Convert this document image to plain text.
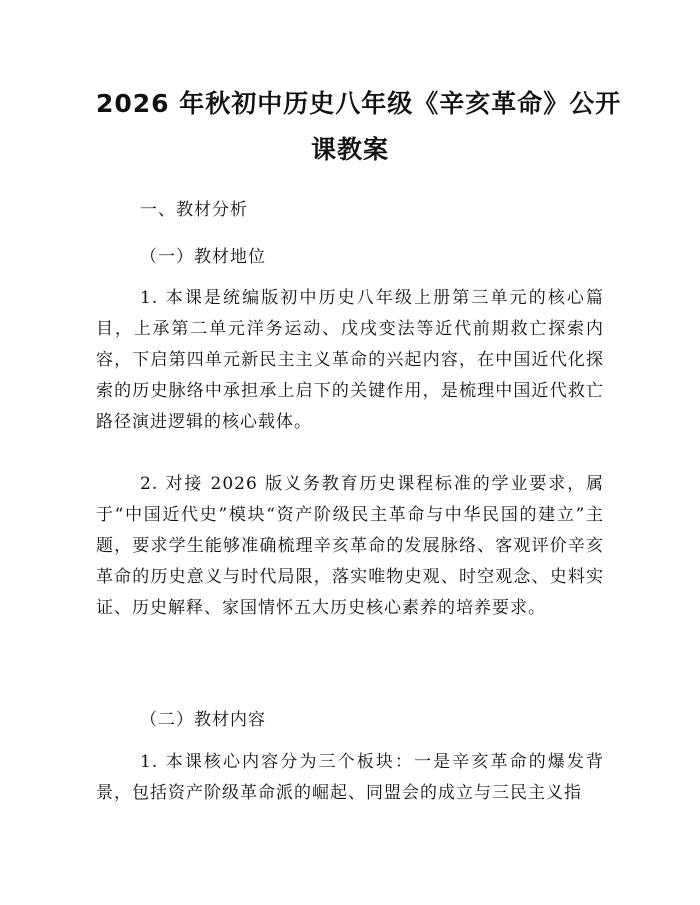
2026 年秋初中历史八年级《辛亥革命》公开
课教案
一、教材分析
（一）教材地位
1. 本课是统编版初中历史八年级上册第三单元的核心篇目，上承第二单元洋务运动、戊戌变法等近代前期救亡探索内容，下启第四单元新民主主义革命的兴起内容，在中国近代化探索的历史脉络中承担承上启下的关键作用，是梳理中国近代救亡路径演进逻辑的核心载体。
2. 对接 2026 版义务教育历史课程标准的学业要求，属于“中国近代史”模块“资产阶级民主革命与中华民国的建立”主题，要求学生能够准确梳理辛亥革命的发展脉络、客观评价辛亥革命的历史意义与时代局限，落实唯物史观、时空观念、史料实证、历史解释、家国情怀五大历史核心素养的培养要求。
（二）教材内容
1. 本课核心内容分为三个板块：一是辛亥革命的爆发背景，包括资产阶级革命派的崛起、同盟会的成立与三民主义指
